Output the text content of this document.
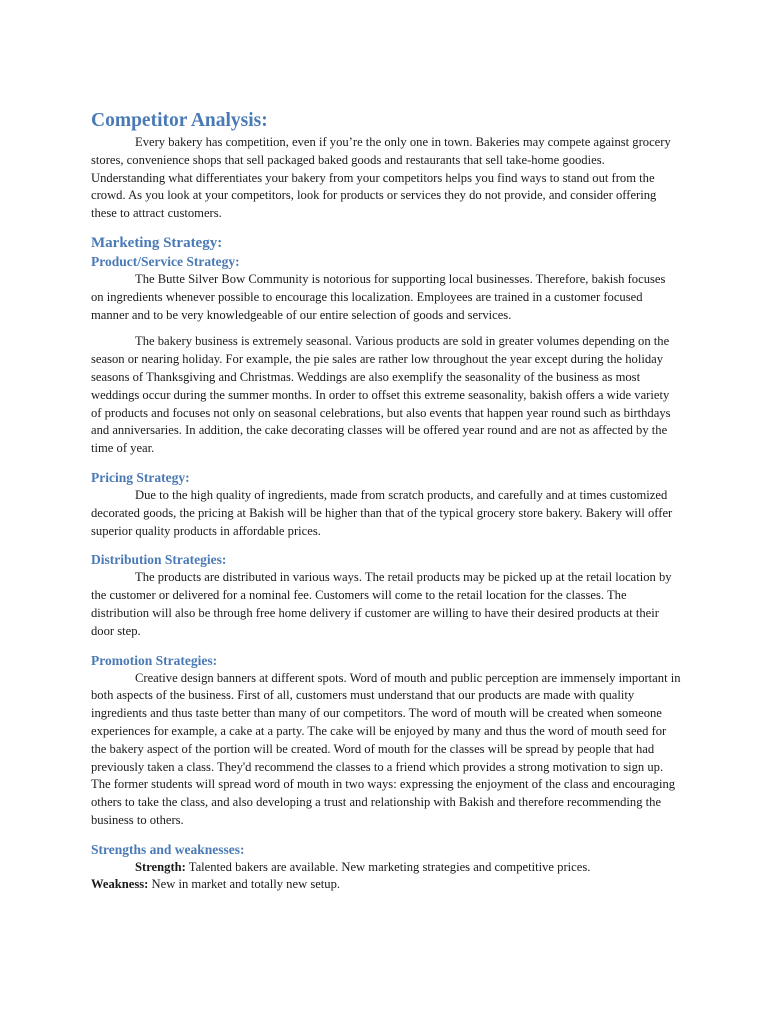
Competitor Analysis:

Every bakery has competition, even if you’re the only one in town. Bakeries may compete against grocery stores, convenience shops that sell packaged baked goods and restaurants that sell take-home goodies. Understanding what differentiates your bakery from your competitors helps you find ways to stand out from the crowd. As you look at your competitors, look for products or services they do not provide, and consider offering these to attract customers.

Marketing Strategy:
Product/Service Strategy:

The Butte Silver Bow Community is notorious for supporting local businesses. Therefore, bakish focuses on ingredients whenever possible to encourage this localization. Employees are trained in a customer focused manner and to be very knowledgeable of our entire selection of goods and services.

The bakery business is extremely seasonal. Various products are sold in greater volumes depending on the season or nearing holiday. For example, the pie sales are rather low throughout the year except during the holiday seasons of Thanksgiving and Christmas. Weddings are also exemplify the seasonality of the business as most weddings occur during the summer months. In order to offset this extreme seasonality, bakish offers a wide variety of products and focuses not only on seasonal celebrations, but also events that happen year round such as birthdays and anniversaries. In addition, the cake decorating classes will be offered year round and are not as affected by the time of year.

Pricing Strategy:

Due to the high quality of ingredients, made from scratch products, and carefully and at times customized decorated goods, the pricing at Bakish will be higher than that of the typical grocery store bakery. Bakery will offer superior quality products in affordable prices.

Distribution Strategies:

The products are distributed in various ways. The retail products may be picked up at the retail location by the customer or delivered for a nominal fee. Customers will come to the retail location for the classes. The distribution will also be through free home delivery if customer are willing to have their desired products at their door step.

Promotion Strategies:

Creative design banners at different spots. Word of mouth and public perception are immensely important in both aspects of the business. First of all, customers must understand that our products are made with quality ingredients and thus taste better than many of our competitors. The word of mouth will be created when someone experiences for example, a cake at a party. The cake will be enjoyed by many and thus the word of mouth seed for the bakery aspect of the portion will be created. Word of mouth for the classes will be spread by people that had previously taken a class. They'd recommend the classes to a friend which provides a strong motivation to sign up. The former students will spread word of mouth in two ways: expressing the enjoyment of the class and encouraging others to take the class, and also developing a trust and relationship with Bakish and therefore recommending the business to others.

Strengths and weaknesses:
Strength: Talented bakers are available. New marketing strategies and competitive prices.
Weakness: New in market and totally new setup.
